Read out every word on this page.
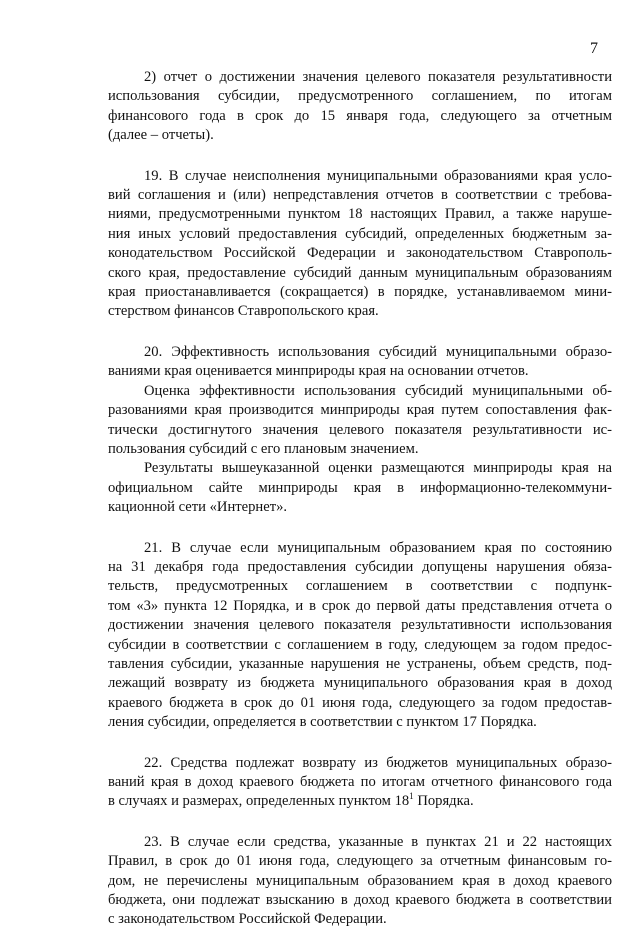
7
2) отчет о достижении значения целевого показателя результативности
использования субсидии, предусмотренного соглашением, по итогам
финансового года в срок до 15 января года, следующего за отчетным
(далее – отчеты).
19. В случае неисполнения муниципальными образованиями края усло-
вий соглашения и (или) непредставления отчетов в соответствии с требова-
ниями, предусмотренными пунктом 18 настоящих Правил, а также наруше-
ния иных условий предоставления субсидий, определенных бюджетным за-
конодательством Российской Федерации и законодательством Ставрополь-
ского края, предоставление субсидий данным муниципальным образованиям
края приостанавливается (сокращается) в порядке, устанавливаемом мини-
стерством финансов Ставропольского края.
20. Эффективность использования субсидий муниципальными образо-
ваниями края оценивается минприроды края на основании отчетов.
Оценка эффективности использования субсидий муниципальными об-
разованиями края производится минприроды края путем сопоставления фак-
тически достигнутого значения целевого показателя результативности ис-
пользования субсидий с его плановым значением.
Результаты вышеуказанной оценки размещаются минприроды края на
официальном сайте минприроды края в информационно-телекоммуни-
кационной сети «Интернет».
21. В случае если муниципальным образованием края по состоянию
на 31 декабря года предоставления субсидии допущены нарушения обяза-
тельств, предусмотренных соглашением в соответствии с подпунк-
том «3» пункта 12 Порядка, и в срок до первой даты представления отчета о
достижении значения целевого показателя результативности использования
субсидии в соответствии с соглашением в году, следующем за годом предос-
тавления субсидии, указанные нарушения не устранены, объем средств, под-
лежащий возврату из бюджета муниципального образования края в доход
краевого бюджета в срок до 01 июня года, следующего за годом предостав-
ления субсидии, определяется в соответствии с пунктом 17 Порядка.
22. Средства подлежат возврату из бюджетов муниципальных образо-
ваний края в доход краевого бюджета по итогам отчетного финансового года
в случаях и размерах, определенных пунктом $18^1$ Порядка.
23. В случае если средства, указанные в пунктах 21 и 22 настоящих
Правил, в срок до 01 июня года, следующего за отчетным финансовым го-
дом, не перечислены муниципальным образованием края в доход краевого
бюджета, они подлежат взысканию в доход краевого бюджета в соответствии
с законодательством Российской Федерации.
